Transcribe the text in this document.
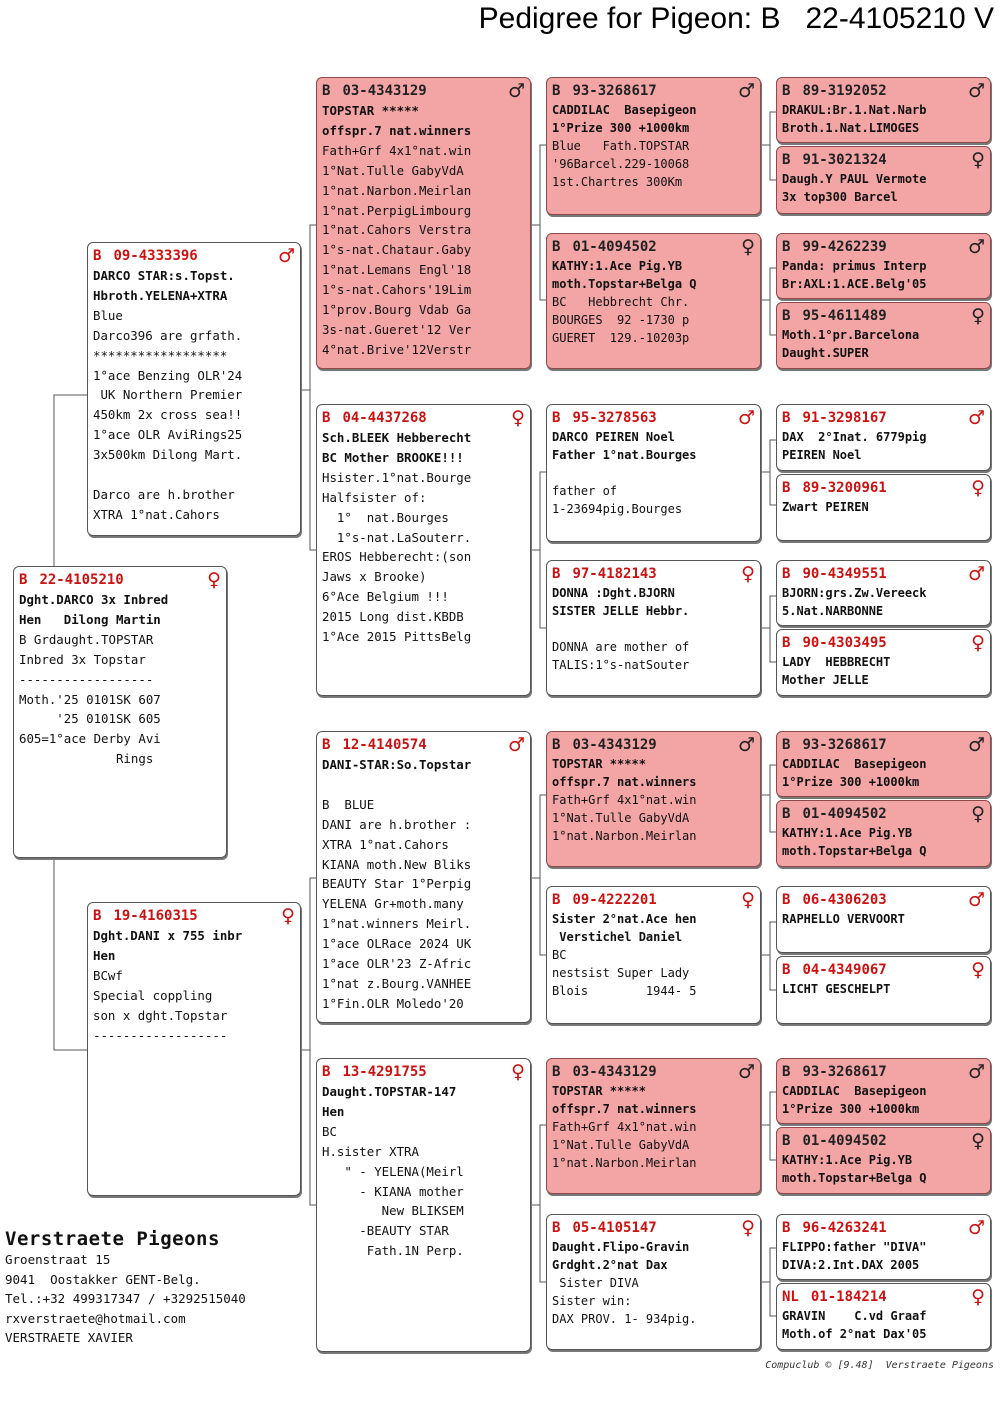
Pedigree for Pigeon: B   22-4105210 V
B 22-4105210	♀
Dght.DARCO 3x Inbred
Hen   Dilong Martin
B Grdaught.TOPSTAR
Inbred 3x Topstar
------------------
Moth.'25 0101SK 607
'25 0101SK 605
605=1°ace Derby Avi
Rings
B 09-4333396	♂
DARCO STAR:s.Topst.
Hbroth.YELENA+XTRA
Blue
Darco396 are grfath.
******************
1°ace Benzing OLR'24
UK Northern Premier
450km 2x cross sea!!
1°ace OLR AviRings25
3x500km Dilong Mart.

Darco are h.brother
XTRA 1°nat.Cahors
B 19-4160315	♀
Dght.DANI x 755 inbr
Hen
BCwf
Special coppling
son x dght.Topstar
------------------
B 03-4343129	♂
TOPSTAR *****
offspr.7 nat.winners
Fath+Grf 4x1°nat.win
1°Nat.Tulle GabyVdA
1°nat.Narbon.Meirlan
1°nat.PerpigLimbourg
1°nat.Cahors Verstra
1°s-nat.Chataur.Gaby
1°nat.Lemans Engl'18
1°s-nat.Cahors'19Lim
1°prov.Bourg Vdab Ga
3s-nat.Gueret'12 Ver
4°nat.Brive'12Verstr
B 04-4437268	♀
Sch.BLEEK Hebberecht
BC Mother BROOKE!!!
Hsister.1°nat.Bourge
Halfsister of:
1°  nat.Bourges
1°s-nat.LaSouterr.
EROS Hebberecht:(son
Jaws x Brooke)
6°Ace Belgium !!!
2015 Long dist.KBDB
1°Ace 2015 PittsBelg
B 12-4140574	♂
DANI-STAR:So.Topstar

B  BLUE
DANI are h.brother :
XTRA 1°nat.Cahors
KIANA moth.New Bliks
BEAUTY Star 1°Perpig
YELENA Gr+moth.many
1°nat.winners Meirl.
1°ace OLRace 2024 UK
1°ace OLR'23 Z-Afric
1°nat z.Bourg.VANHEE
1°Fin.OLR Moledo'20
B 13-4291755	♀
Daught.TOPSTAR-147
Hen
BC
H.sister XTRA
" - YELENA(Meirl
- KIANA mother
New BLIKSEM
-BEAUTY STAR
Fath.1N Perp.
B 93-3268617	♂
CADDILAC  Basepigeon
1°Prize 300 +1000km
Blue   Fath.TOPSTAR
'96Barcel.229-10068
1st.Chartres 300Km
B 01-4094502	♀
KATHY:1.Ace Pig.YB
moth.Topstar+Belga Q
BC   Hebbrecht Chr.
BOURGES  92 -1730 p
GUERET  129.-10203p
B 95-3278563	♂
DARCO PEIREN Noel
Father 1°nat.Bourges

father of
1-23694pig.Bourges
B 97-4182143	♀
DONNA :Dght.BJORN
SISTER JELLE Hebbr.

DONNA are mother of
TALIS:1°s-natSouter
B 03-4343129	♂
TOPSTAR *****
offspr.7 nat.winners
Fath+Grf 4x1°nat.win
1°Nat.Tulle GabyVdA
1°nat.Narbon.Meirlan
B 09-4222201	♀
Sister 2°nat.Ace hen
Verstichel Daniel
BC
nestsist Super Lady
Blois        1944- 5
B 03-4343129	♂
TOPSTAR *****
offspr.7 nat.winners
Fath+Grf 4x1°nat.win
1°Nat.Tulle GabyVdA
1°nat.Narbon.Meirlan
B 05-4105147	♀
Daught.Flipo-Gravin
Grdght.2°nat Dax
Sister DIVA
Sister win:
DAX PROV. 1- 934pig.
B 89-3192052	♂
DRAKUL:Br.1.Nat.Narb
Broth.1.Nat.LIMOGES
B 91-3021324	♀
Daugh.Y PAUL Vermote
3x top300 Barcel
B 99-4262239	♂
Panda: primus Interp
Br:AXL:1.ACE.Belg'05
B 95-4611489	♀
Moth.1°pr.Barcelona
Daught.SUPER
B 91-3298167	♂
DAX  2°Inat. 6779pig
PEIREN Noel
B 89-3200961	♀
Zwart PEIREN
B 90-4349551	♂
BJORN:grs.Zw.Vereeck
5.Nat.NARBONNE
B 90-4303495	♀
LADY  HEBBRECHT
Mother JELLE
B 93-3268617	♂
CADDILAC  Basepigeon
1°Prize 300 +1000km
B 01-4094502	♀
KATHY:1.Ace Pig.YB
moth.Topstar+Belga Q
B 06-4306203	♂
RAPHELLO VERVOORT
B 04-4349067	♀
LICHT GESCHELPT
B 93-3268617	♂
CADDILAC  Basepigeon
1°Prize 300 +1000km
B 01-4094502	♀
KATHY:1.Ace Pig.YB
moth.Topstar+Belga Q
B 96-4263241	♂
FLIPPO:father "DIVA"
DIVA:2.Int.DAX 2005
NL 01-184214	♀
GRAVIN    C.vd Graaf
Moth.of 2°nat Dax'05
Verstraete Pigeons
Groenstraat 15
9041  Oostakker GENT-Belg.
Tel.:+32 499317347 / +3292515040
rxverstraete@hotmail.com
VERSTRAETE XAVIER
Compuclub © [9.48]  Verstraete Pigeons
